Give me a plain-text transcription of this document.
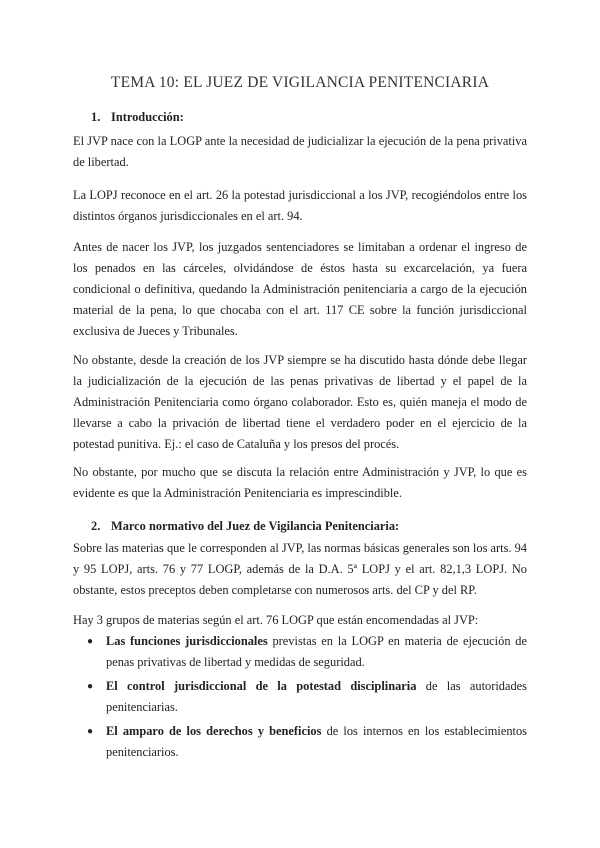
TEMA 10: EL JUEZ DE VIGILANCIA PENITENCIARIA
1. Introducción:
El JVP nace con la LOGP ante la necesidad de judicializar la ejecución de la pena privativa de libertad.
La LOPJ reconoce en el art. 26 la potestad jurisdiccional a los JVP, recogiéndolos entre los distintos órganos jurisdiccionales en el art. 94.
Antes de nacer los JVP, los juzgados sentenciadores se limitaban a ordenar el ingreso de los penados en las cárceles, olvidándose de éstos hasta su excarcelación, ya fuera condicional o definitiva, quedando la Administración penitenciaria a cargo de la ejecución material de la pena, lo que chocaba con el art. 117 CE sobre la función jurisdiccional exclusiva de Jueces y Tribunales.
No obstante, desde la creación de los JVP siempre se ha discutido hasta dónde debe llegar la judicialización de la ejecución de las penas privativas de libertad y el papel de la Administración Penitenciaria como órgano colaborador. Esto es, quién maneja el modo de llevarse a cabo la privación de libertad tiene el verdadero poder en el ejercicio de la potestad punitiva. Ej.: el caso de Cataluña y los presos del procés.
No obstante, por mucho que se discuta la relación entre Administración y JVP, lo que es evidente es que la Administración Penitenciaria es imprescindible.
2. Marco normativo del Juez de Vigilancia Penitenciaria:
Sobre las materias que le corresponden al JVP, las normas básicas generales son los arts. 94 y 95 LOPJ, arts. 76 y 77 LOGP, además de la D.A. 5ª LOPJ y el art. 82,1,3 LOPJ. No obstante, estos preceptos deben completarse con numerosos arts. del CP y del RP.
Hay 3 grupos de materias según el art. 76 LOGP que están encomendadas al JVP:
● Las funciones jurisdiccionales previstas en la LOGP en materia de ejecución de penas privativas de libertad y medidas de seguridad.
● El control jurisdiccional de la potestad disciplinaria de las autoridades penitenciarias.
● El amparo de los derechos y beneficios de los internos en los establecimientos penitenciarios.
